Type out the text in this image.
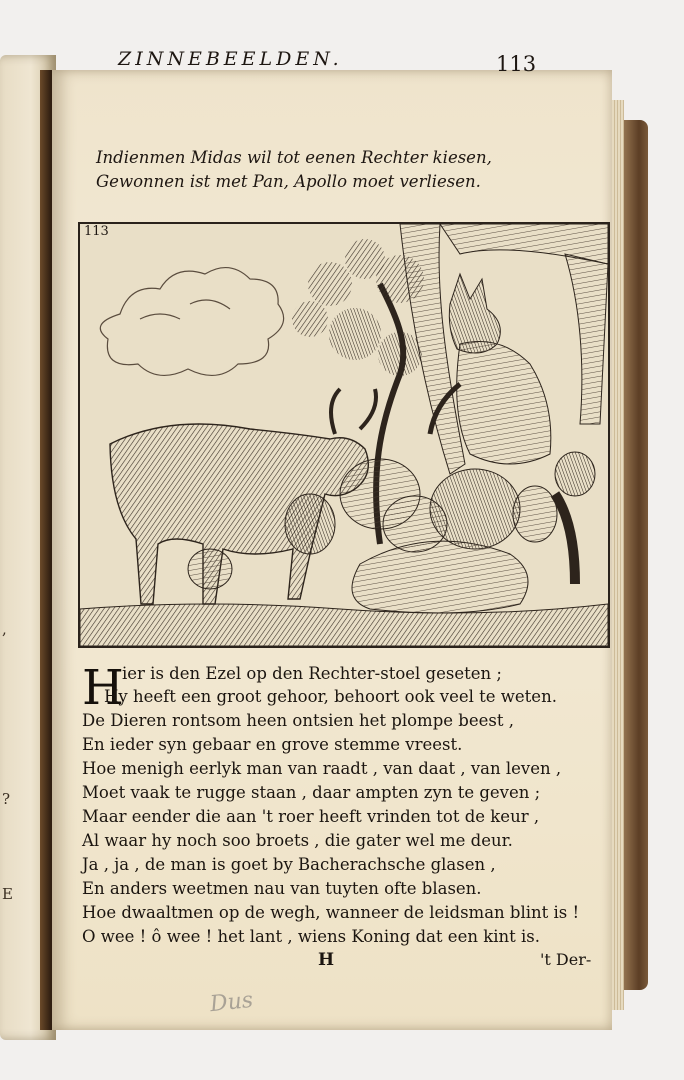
,
?
E
ZINNEBEELDEN.	113
Indienmen Midas wil tot eenen Rechter kiesen,
Gewonnen ist met Pan, Apollo moet verliesen.
113
H
ier is den Ezel op den Rechter-stoel geseten ;
Hy heeft een groot gehoor, behoort ook veel te weten.
De Dieren rontsom heen ontsien het plompe beest ,
En ieder syn gebaar en grove stemme vreest.
Hoe menigh eerlyk man van raadt , van daat , van leven ,
Moet vaak te rugge staan , daar ampten zyn te geven ;
Maar eender die aan 't roer heeft vrinden tot de keur ,
Al waar hy noch soo broets , die gater wel me deur.
Ja , ja , de man is goet by Bacherachsche glasen ,
En anders weetmen nau van tuyten ofte blasen.
Hoe dwaaltmen op de wegh, wanneer de leidsman blint is !
O wee ! ô wee ! het lant , wiens Koning dat een kint is.
H	't Der-
Dus
